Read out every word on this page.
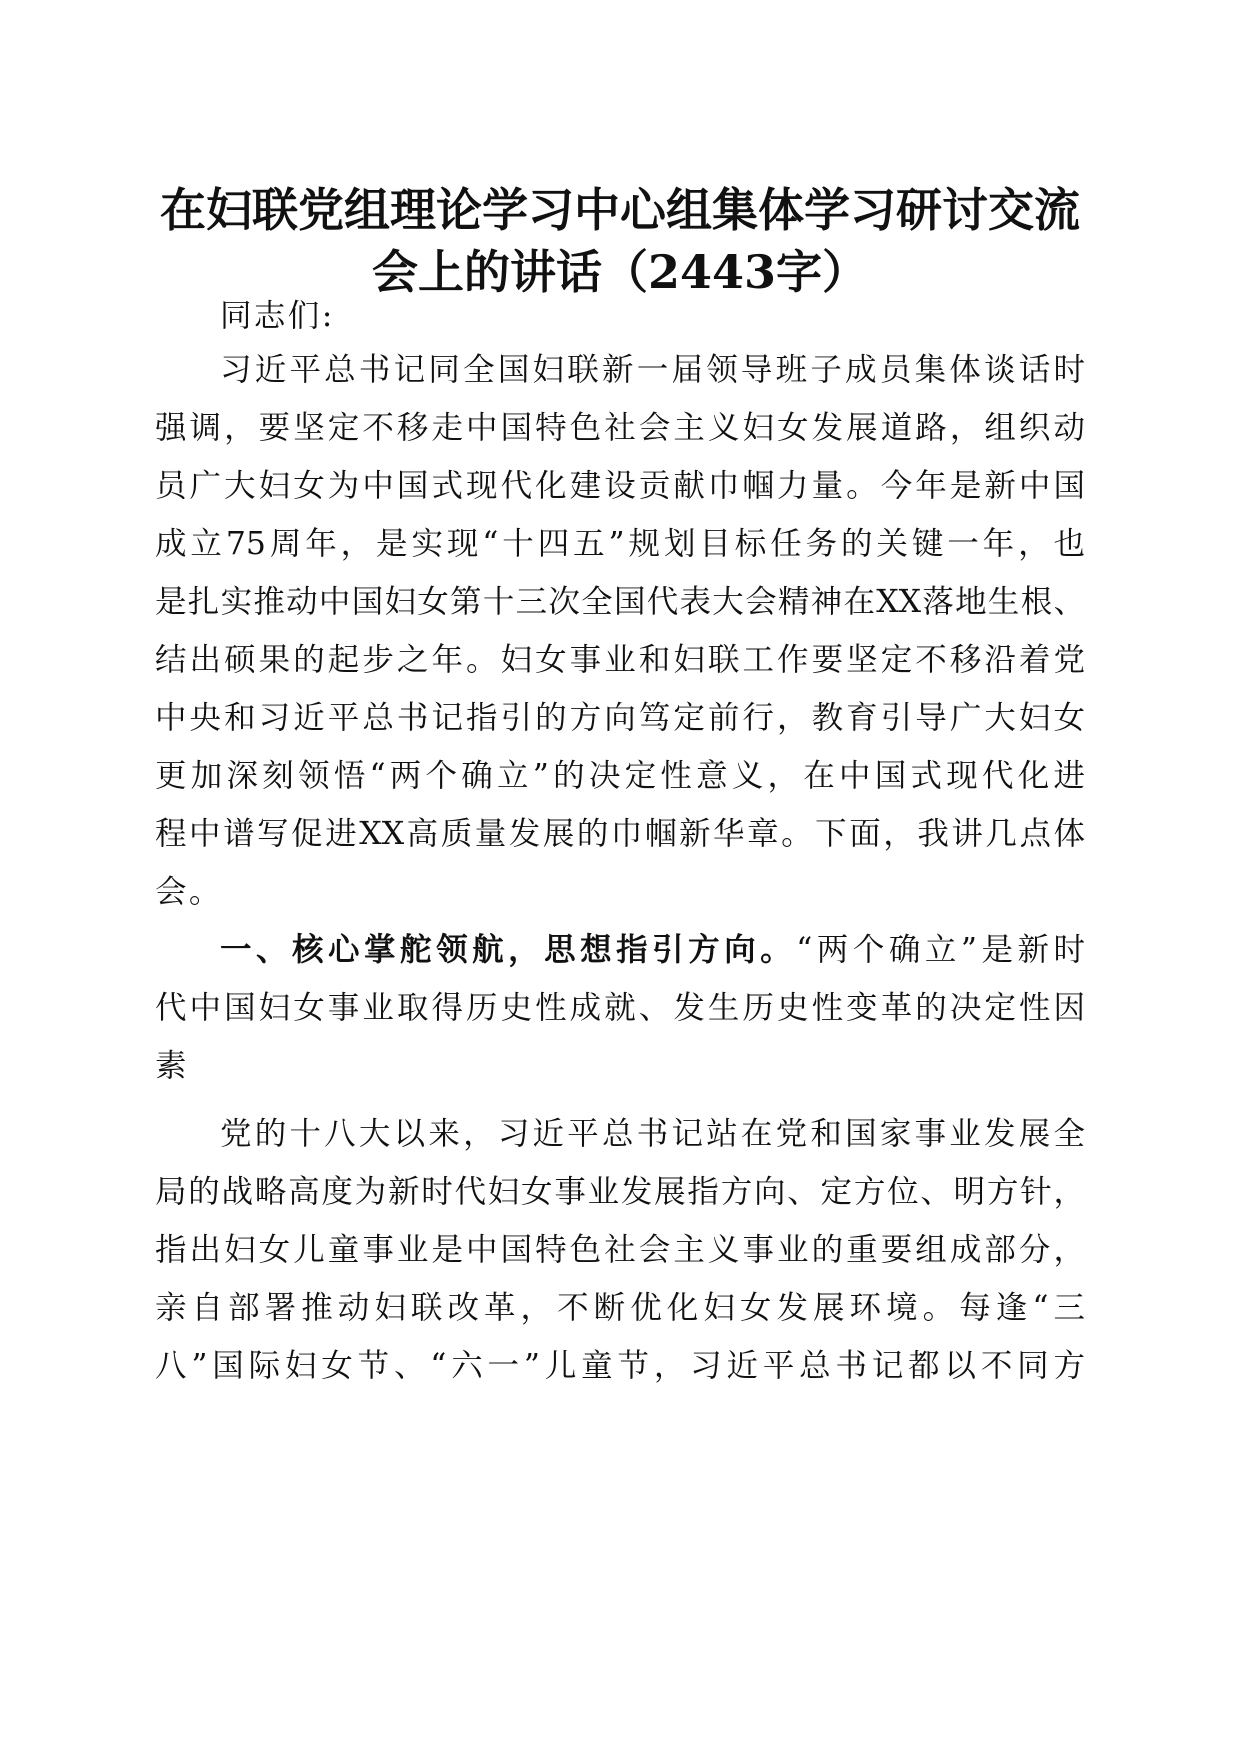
在妇联党组理论学习中心组集体学习研讨交流
会上的讲话（2443字）
同志们:
习近平总书记同全国妇联新一届领导班子成员集体谈话时
强调，要坚定不移走中国特色社会主义妇女发展道路，组织动
员广大妇女为中国式现代化建设贡献巾帼力量。今年是新中国
成立75周年，是实现“十四五”规划目标任务的关键一年，也
是扎实推动中国妇女第十三次全国代表大会精神在XX落地生根、
结出硕果的起步之年。妇女事业和妇联工作要坚定不移沿着党
中央和习近平总书记指引的方向笃定前行，教育引导广大妇女
更加深刻领悟“两个确立”的决定性意义，在中国式现代化进
程中谱写促进XX高质量发展的巾帼新华章。下面，我讲几点体
会。
一、核心掌舵领航，思想指引方向。“两个确立”是新时
代中国妇女事业取得历史性成就、发生历史性变革的决定性因
素
党的十八大以来，习近平总书记站在党和国家事业发展全
局的战略高度为新时代妇女事业发展指方向、定方位、明方针，
指出妇女儿童事业是中国特色社会主义事业的重要组成部分，
亲自部署推动妇联改革，不断优化妇女发展环境。每逢“三
八”国际妇女节、“六一”儿童节，习近平总书记都以不同方
